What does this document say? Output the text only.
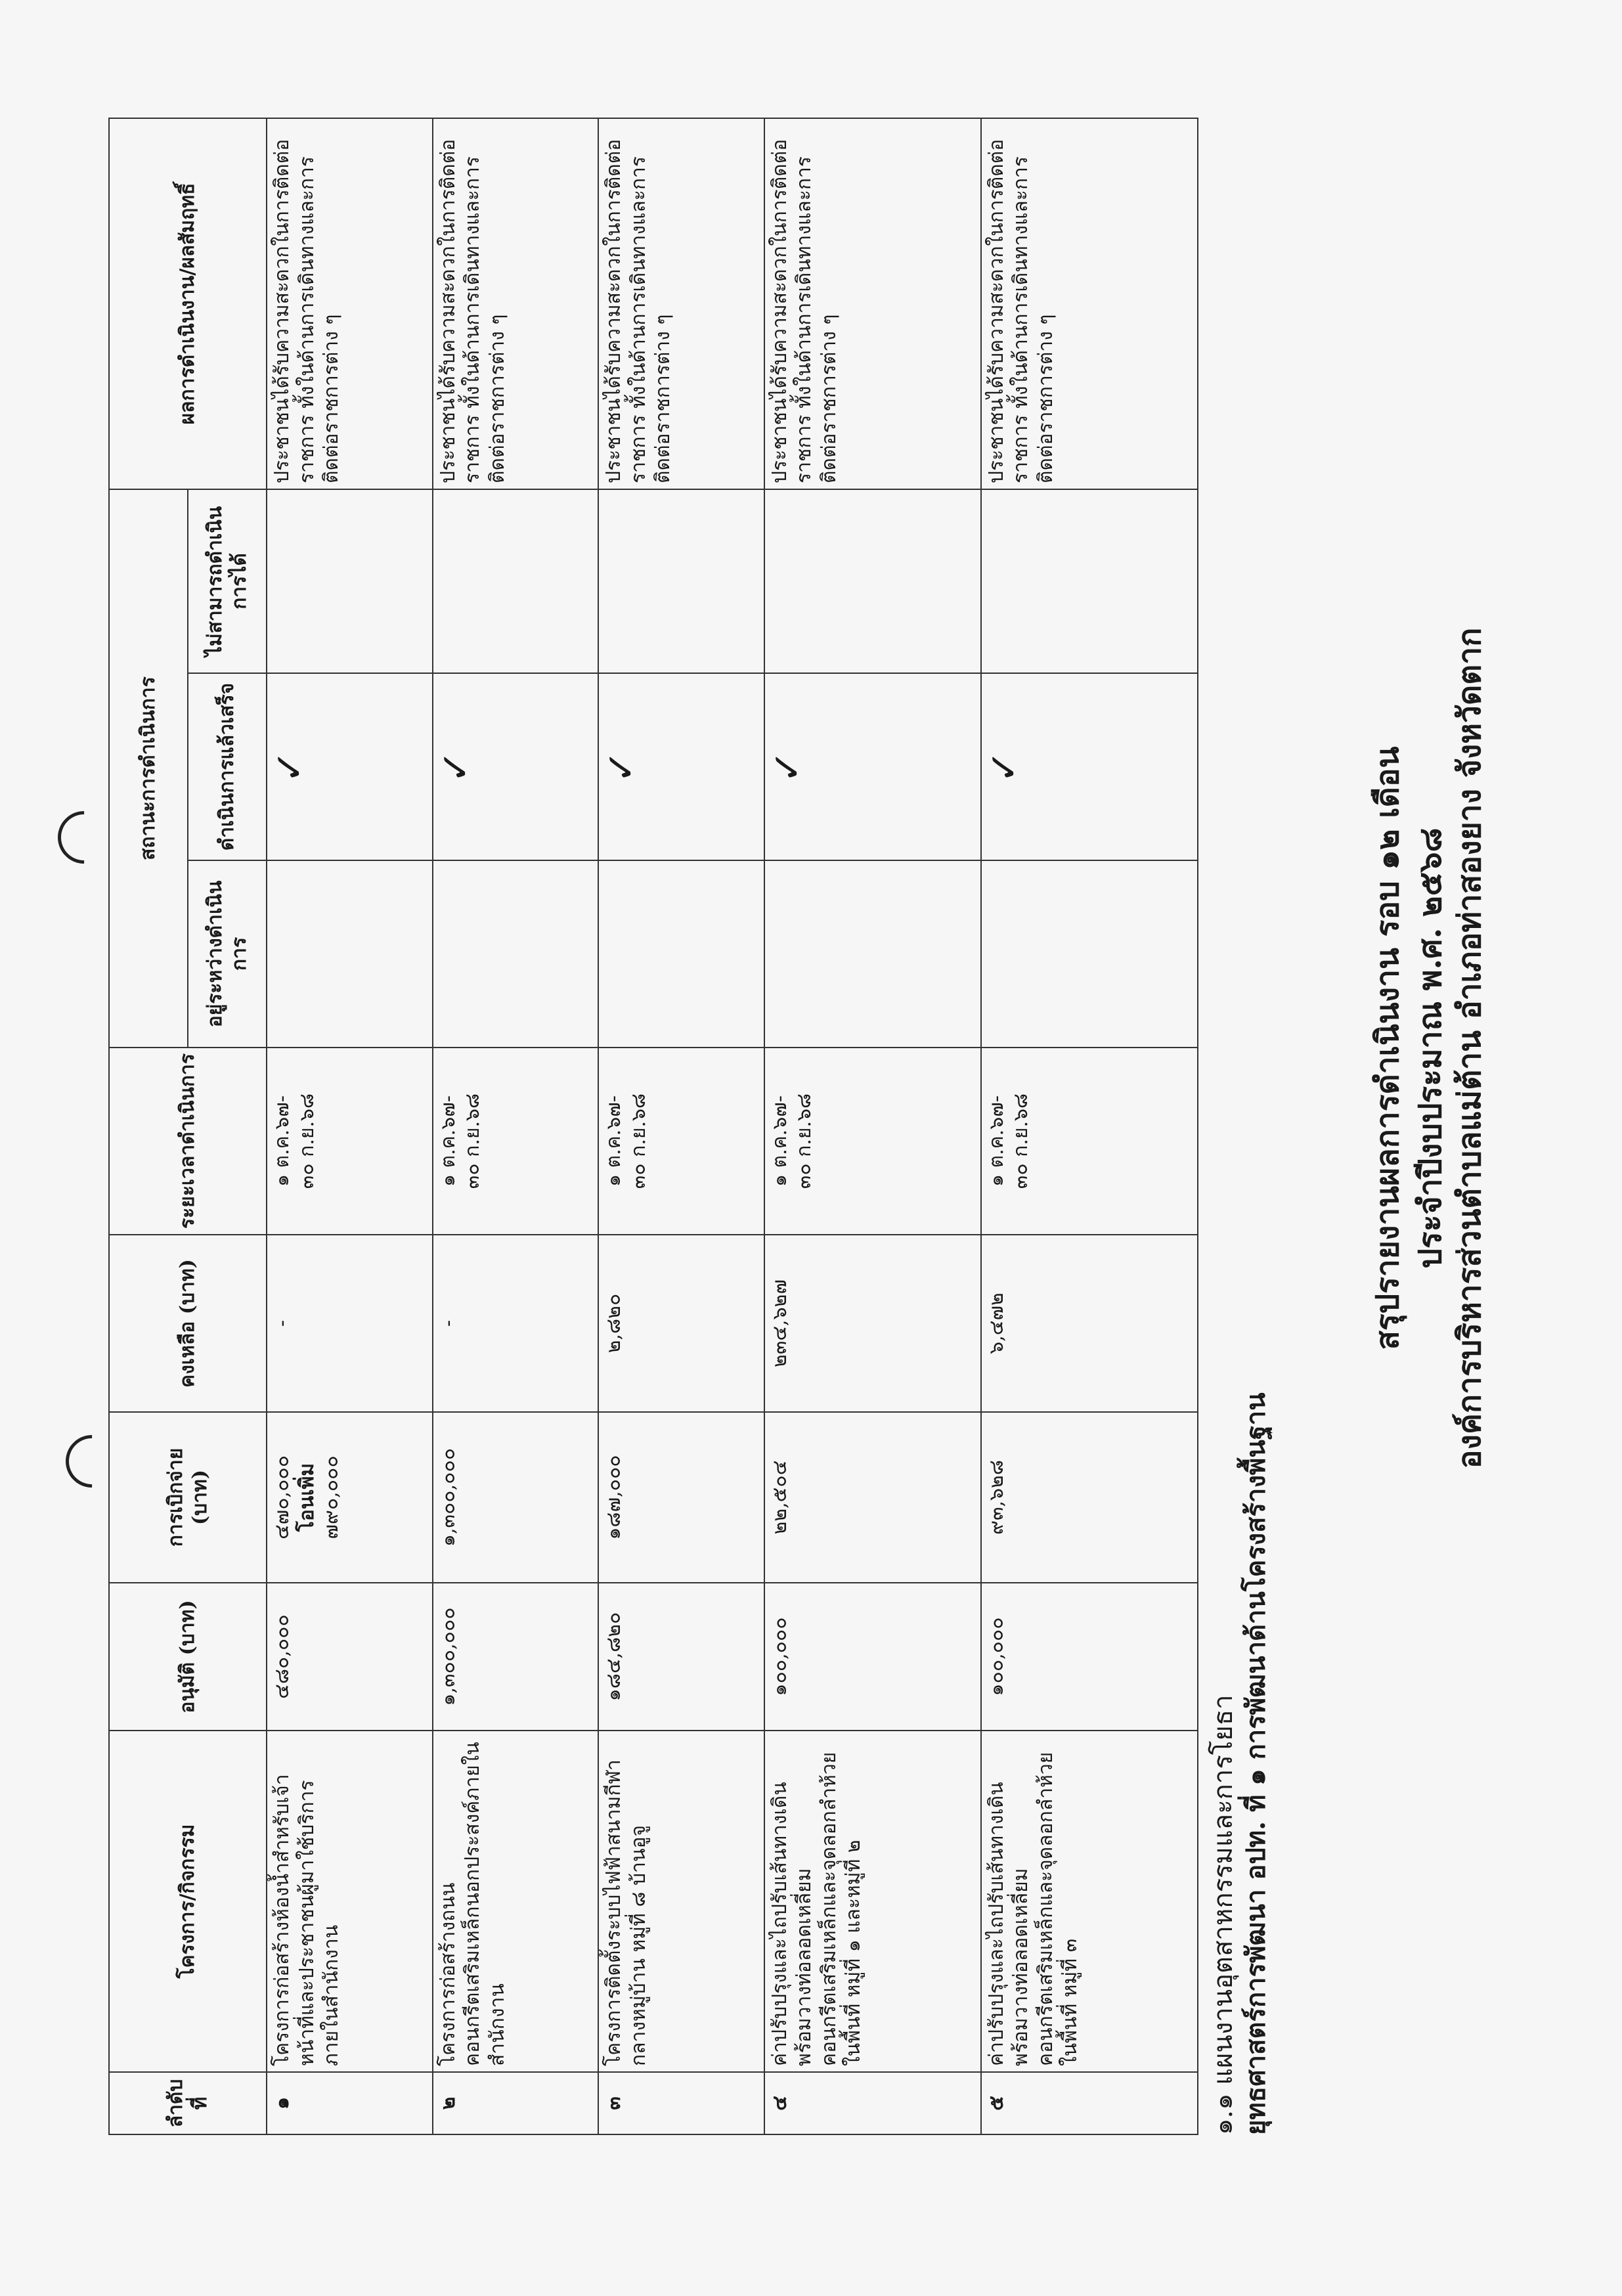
สรุปรายงานผลการดำเนินงาน รอบ ๑๒ เดือน ประจำปีงบประมาณ พ.ศ. ๒๕๖๘ องค์การบริหารส่วนตำบลแม่ต้าน อำเภอท่าสองยาง จังหวัดตาก
ยุทธศาสตร์การพัฒนา อปท. ที่ ๑ การพัฒนาด้านโครงสร้างพื้นฐาน
๑.๑ แผนงานอุตสาหกรรมและการโยธา
ลำดับที่	โครงการ/กิจกรรม	อนุมัติ (บาท)	การเบิกจ่าย (บาท)	คงเหลือ (บาท)	ระยะเวลาดำเนินการ	สถานะการดำเนินการ			ผลการดำเนินงาน/ผลสัมฤทธิ์
						อยู่ระหว่างดำเนินการ	ดำเนินการแล้วเสร็จ	ไม่สามารถดำเนินการได้	
๑	โครงการก่อสร้างห้องน้ำสำหรับเจ้าหน้าที่และประชาชนผู้มาใช้บริการภายในสำนักงาน	๔๘๐,๐๐๐	๔๗๐,๐๐๐ โอนเพิ่ม ๗๙๐,๐๐๐	-	๑ ต.ค.๖๗- ๓๐ ก.ย.๖๘		✓		ประชาชนได้รับความสะดวกในการติดต่อราชการ ทั้งในด้านการเดินทางและการติดต่อราชการต่าง ๆ
๒	โครงการก่อสร้างถนนคอนกรีตเสริมเหล็กนอกประสงค์ภายในสำนักงาน	๑,๓๐๐,๐๐๐	๑,๓๐๐,๐๐๐	-	๑ ต.ค.๖๗- ๓๐ ก.ย.๖๘		✓		ประชาชนได้รับความสะดวกในการติดต่อราชการ ทั้งในด้านการเดินทางและการติดต่อราชการต่าง ๆ
๓	โครงการติดตั้งระบบไฟฟ้าสนามกีฬากลางหมู่บ้าน หมู่ที่ ๘ บ้านอูจู	๑๘๔,๘๒๐	๑๘๗,๐๐๐	๒,๘๒๐	๑ ต.ค.๖๗- ๓๐ ก.ย.๖๘		✓		ประชาชนได้รับความสะดวกในการติดต่อราชการ ทั้งในด้านการเดินทางและการติดต่อราชการต่าง ๆ
๔	ค่าปรับปรุงและไถปรับเส้นทางเดินพร้อมวางท่อลอดเหลี่ยมคอนกรีตเสริมเหล็กและจุดลอกลำห้วยในพื้นที่ หมู่ที่ ๑ และหมู่ที่ ๒	๑๐๐,๐๐๐	๒๒,๕๐๔	๒๓๔,๖๒๗	๑ ต.ค.๖๗- ๓๐ ก.ย.๖๘		✓		ประชาชนได้รับความสะดวกในการติดต่อราชการ ทั้งในด้านการเดินทางและการติดต่อราชการต่าง ๆ
๕	ค่าปรับปรุงและไถปรับเส้นทางเดินพร้อมวางท่อลอดเหลี่ยมคอนกรีตเสริมเหล็กและจุดลอกลำห้วยในพื้นที่ หมู่ที่ ๓	๑๐๐,๐๐๐	๙๓,๖๒๘	๖,๔๗๒	๑ ต.ค.๖๗- ๓๐ ก.ย.๖๘		✓		ประชาชนได้รับความสะดวกในการติดต่อราชการ ทั้งในด้านการเดินทางและการติดต่อราชการต่าง ๆ
